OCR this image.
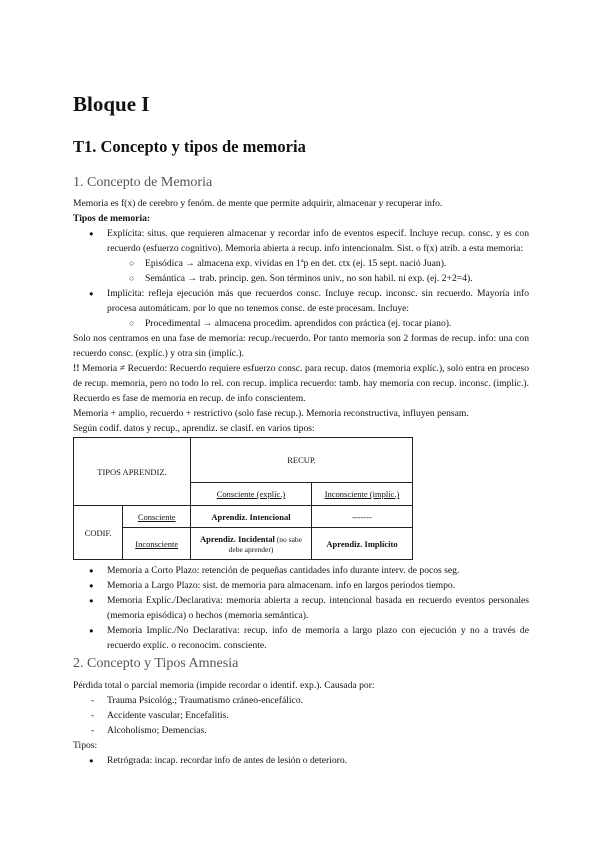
Bloque I
T1. Concepto y tipos de memoria
1. Concepto de Memoria

Memoria es f(x) de cerebro y fenóm. de mente que permite adquirir, almacenar y recuperar info.

Tipos de memoria:

● Explícita: situs. que requieren almacenar y recordar info de eventos especif. Incluye recup. consc. y es con recuerdo (esfuerzo cognitivo). Memoria abierta a recup. info intencionalm. Sist. o f(x) atrib. a esta memoria:
○ Episódica → almacena exp. vividas en 1ªp en det. ctx (ej. 15 sept. nació Juan).
○ Semántica → trab. princip. gen. Son términos univ., no son habil. ni exp. (ej. 2+2=4).
● Implícita: refleja ejecución más que recuerdos consc. Incluye recup. inconsc. sin recuerdo. Mayoría info procesa automáticam. por lo que no tenemos consc. de este procesam. Incluye:
○ Procedimental → almacena procedim. aprendidos con práctica (ej. tocar piano).

Solo nos centramos en una fase de memoria: recup./recuerdo. Por tanto memoria son 2 formas de recup. info: una con recuerdo consc. (explíc.) y otra sin (implíc.).

!! Memoria ≠ Recuerdo: Recuerdo requiere esfuerzo consc. para recup. datos (memoria explíc.), solo entra en proceso de recup. memoria, pero no todo lo rel. con recup. implica recuerdo: tamb. hay memoria con recup. inconsc. (implíc.). Recuerdo es fase de memoria en recup. de info conscientem.

Memoria + amplio, recuerdo + restrictivo (solo fase recup.). Memoria reconstructiva, influyen pensam.

Según codif. datos y recup., aprendiz. se clasif. en varios tipos:

TIPOS APRENDIZ.		RECUP.	
		Consciente (explíc.)	Inconsciente (implíc.)
CODIF.	Consciente	Aprendiz. Intencional	-------
	Inconsciente	Aprendiz. Incidental (no sabe debe aprender)	Aprendiz. Implícito
● Memoria a Corto Plazo: retención de pequeñas cantidades info durante interv. de pocos seg.
● Memoria a Largo Plazo: sist. de memoria para almacenam. info en largos periodos tiempo.
● Memoria Explíc./Declarativa: memoria abierta a recup. intencional basada en recuerdo eventos personales (memoria episódica) o hechos (memoria semántica).
● Memoria Implíc./No Declarativa: recup. info de memoria a largo plazo con ejecución y no a través de recuerdo explíc. o reconocim. consciente.
2. Concepto y Tipos Amnesia

Pérdida total o parcial memoria (impide recordar o identif. exp.). Causada por:

- Trauma Psicológ.; Traumatismo cráneo-encefálico.
- Accidente vascular; Encefalitis.
- Alcoholismo; Demencias.

Tipos:

● Retrógrada: incap. recordar info de antes de lesión o deterioro.
